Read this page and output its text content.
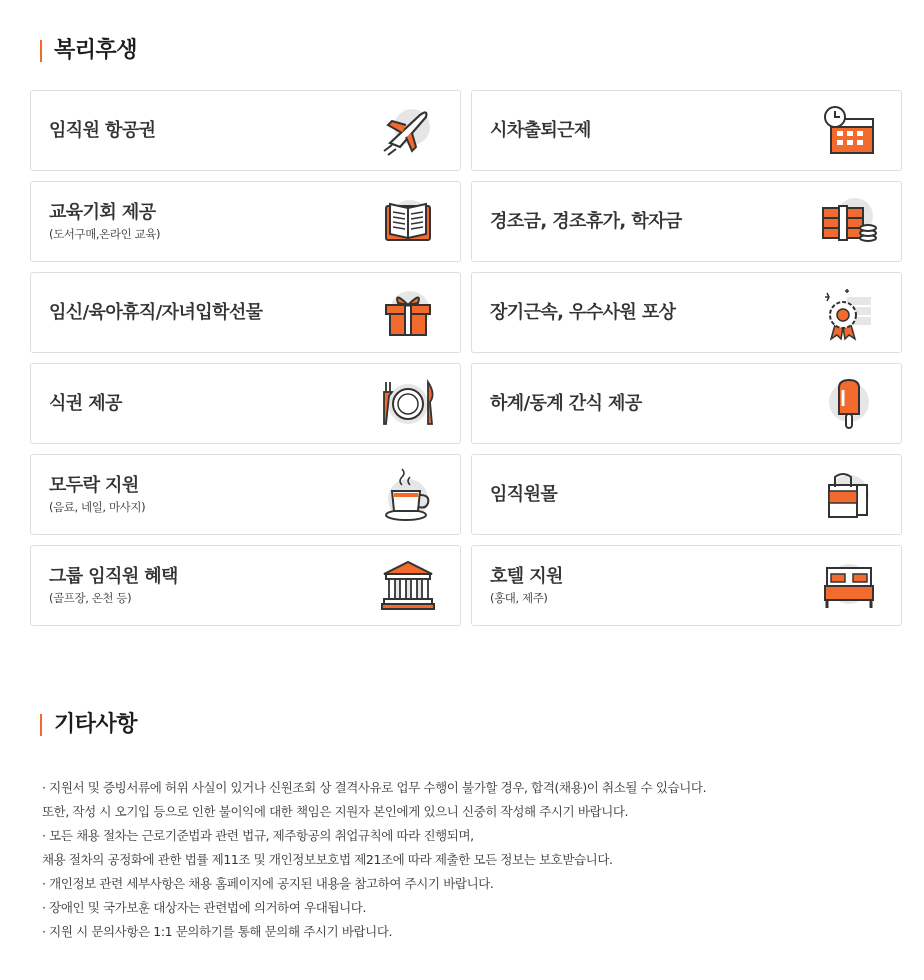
복리후생
임직원 항공권	시차출퇴근제
교육기회 제공
(도서구매,온라인 교육)
경조금, 경조휴가, 학자금
임신/육아휴직/자녀입학선물	장기근속, 우수사원 포상
식권 제공	하계/동계 간식 제공
모두락 지원
(음료, 네일, 마사지)
임직원몰
그룹 임직원 혜택
(골프장, 온천 등)
호텔 지원
(홍대, 제주)
기타사항
· 지원서 및 증빙서류에 허위 사실이 있거나 신원조회 상 결격사유로 업무 수행이 불가할 경우, 합격(채용)이 취소될 수 있습니다.
또한, 작성 시 오기입 등으로 인한 불이익에 대한 책임은 지원자 본인에게 있으니 신중히 작성해 주시기 바랍니다.
· 모든 채용 절차는 근로기준법과 관련 법규, 제주항공의 취업규칙에 따라 진행되며,
채용 절차의 공정화에 관한 법률 제11조 및 개인정보보호법 제21조에 따라 제출한 모든 정보는 보호받습니다.
· 개인정보 관련 세부사항은 채용 홈페이지에 공지된 내용을 참고하여 주시기 바랍니다.
· 장애인 및 국가보훈 대상자는 관련법에 의거하여 우대됩니다.
· 지원 시 문의사항은 1:1 문의하기를 통해 문의해 주시기 바랍니다.
